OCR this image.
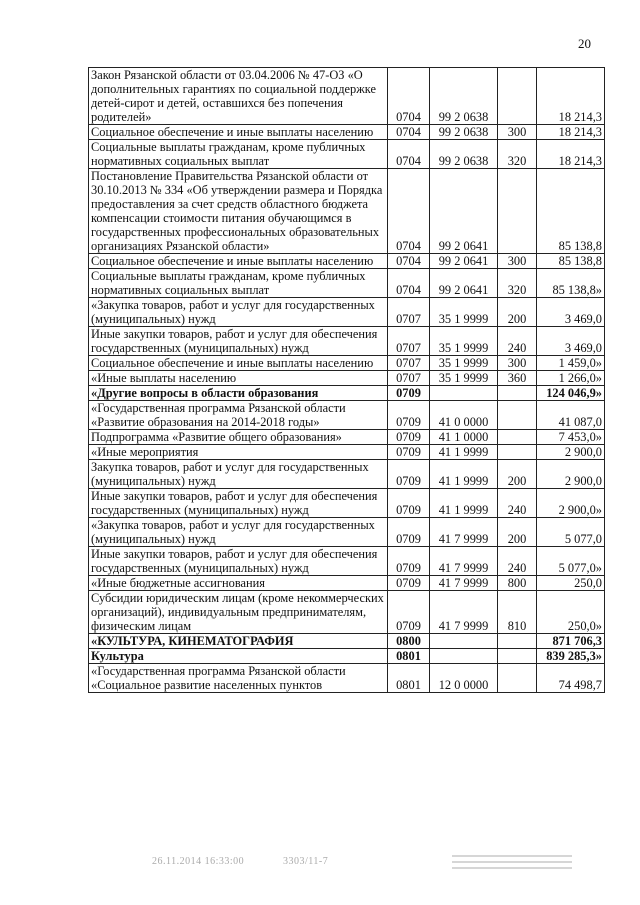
20
Закон Рязанской области от 03.04.2006 № 47-ОЗ «О дополнительных гарантиях по социальной поддержке детей-сирот и детей, оставшихся без попечения родителей»	0704	99 2 0638		18 214,3
Социальное обеспечение и иные выплаты населению	0704	99 2 0638	300	18 214,3
Социальные выплаты гражданам, кроме публичных нормативных социальных выплат	0704	99 2 0638	320	18 214,3
Постановление Правительства Рязанской области от 30.10.2013 № 334 «Об утверждении размера и Порядка предоставления за счет средств областного бюджета компенсации стоимости питания обучающимся в государственных профессиональных образовательных организациях Рязанской области»	0704	99 2 0641		85 138,8
Социальное обеспечение и иные выплаты населению	0704	99 2 0641	300	85 138,8
Социальные выплаты гражданам, кроме публичных нормативных социальных выплат	0704	99 2 0641	320	85 138,8»
«Закупка товаров, работ и услуг для государственных (муниципальных) нужд	0707	35 1 9999	200	3 469,0
Иные закупки товаров, работ и услуг для обеспечения государственных (муниципальных) нужд	0707	35 1 9999	240	3 469,0
Социальное обеспечение и иные выплаты населению	0707	35 1 9999	300	1 459,0»
«Иные выплаты населению	0707	35 1 9999	360	1 266,0»
«Другие вопросы в области образования	0709			124 046,9»
«Государственная программа Рязанской области «Развитие образования на 2014-2018 годы»	0709	41 0 0000		41 087,0
Подпрограмма «Развитие общего образования»	0709	41 1 0000		7 453,0»
«Иные мероприятия	0709	41 1 9999		2 900,0
Закупка товаров, работ и услуг для государственных (муниципальных) нужд	0709	41 1 9999	200	2 900,0
Иные закупки товаров, работ и услуг для обеспечения государственных (муниципальных) нужд	0709	41 1 9999	240	2 900,0»
«Закупка товаров, работ и услуг для государственных (муниципальных) нужд	0709	41 7 9999	200	5 077,0
Иные закупки товаров, работ и услуг для обеспечения государственных (муниципальных) нужд	0709	41 7 9999	240	5 077,0»
«Иные бюджетные ассигнования	0709	41 7 9999	800	250,0
Субсидии юридическим лицам (кроме некоммерческих организаций), индивидуальным предпринимателям, физическим лицам	0709	41 7 9999	810	250,0»
«КУЛЬТУРА, КИНЕМАТОГРАФИЯ	0800			871 706,3
Культура	0801			839 285,3»
«Государственная программа Рязанской области «Социальное развитие населенных пунктов	0801	12 0 0000		74 498,7
26.11.2014 16:33:00	3303/11-7
